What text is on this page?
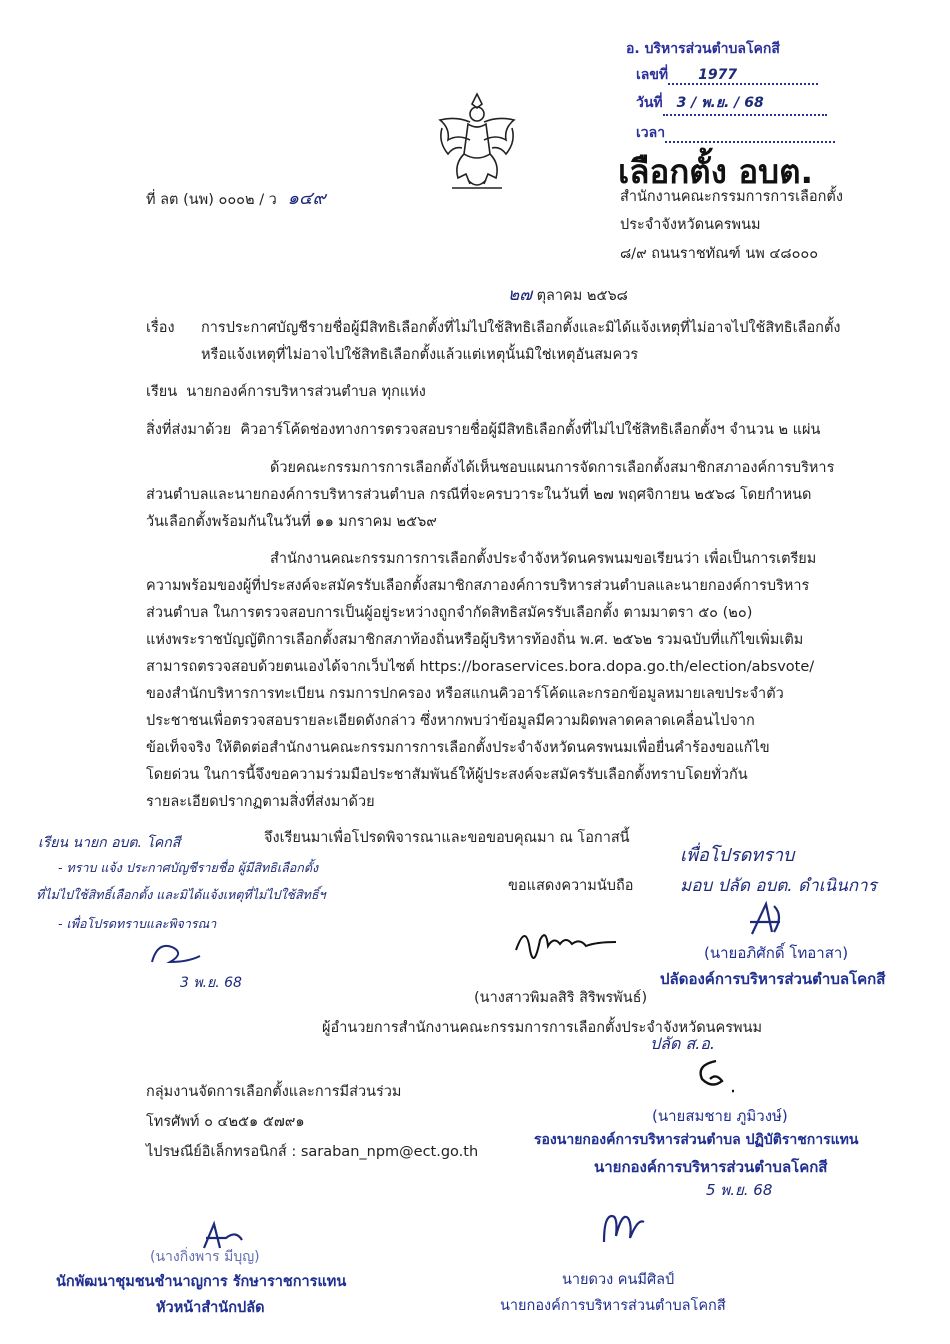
อ. บริหารส่วนตำบลโคกสี
เลขที่ 1977
วันที่ 3 / พ.ย. / 68
เวลา
เลือกตั้ง อบต.
ที่ ลต (นพ) ๐๐๐๒ / ว ๑๔๙	สำนักงานคณะกรรมการการเลือกตั้ง
ประจำจังหวัดนครพนม
๘/๙ ถนนราชทัณฑ์ นพ ๔๘๐๐๐
๒๗ ตุลาคม ๒๕๖๘
เรื่อง การประกาศบัญชีรายชื่อผู้มีสิทธิเลือกตั้งที่ไม่ไปใช้สิทธิเลือกตั้งและมิได้แจ้งเหตุที่ไม่อาจไปใช้สิทธิเลือกตั้ง
หรือแจ้งเหตุที่ไม่อาจไปใช้สิทธิเลือกตั้งแล้วแต่เหตุนั้นมิใช่เหตุอันสมควร
เรียน นายกองค์การบริหารส่วนตำบล ทุกแห่ง
สิ่งที่ส่งมาด้วย คิวอาร์โค้ดช่องทางการตรวจสอบรายชื่อผู้มีสิทธิเลือกตั้งที่ไม่ไปใช้สิทธิเลือกตั้งฯ จำนวน ๒ แผ่น
ด้วยคณะกรรมการการเลือกตั้งได้เห็นชอบแผนการจัดการเลือกตั้งสมาชิกสภาองค์การบริหาร
ส่วนตำบลและนายกองค์การบริหารส่วนตำบล กรณีที่จะครบวาระในวันที่ ๒๗ พฤศจิกายน ๒๕๖๘ โดยกำหนด
วันเลือกตั้งพร้อมกันในวันที่ ๑๑ มกราคม ๒๕๖๙
สำนักงานคณะกรรมการการเลือกตั้งประจำจังหวัดนครพนมขอเรียนว่า เพื่อเป็นการเตรียม
ความพร้อมของผู้ที่ประสงค์จะสมัครรับเลือกตั้งสมาชิกสภาองค์การบริหารส่วนตำบลและนายกองค์การบริหาร
ส่วนตำบล ในการตรวจสอบการเป็นผู้อยู่ระหว่างถูกจำกัดสิทธิสมัครรับเลือกตั้ง ตามมาตรา ๕๐ (๒๐)
แห่งพระราชบัญญัติการเลือกตั้งสมาชิกสภาท้องถิ่นหรือผู้บริหารท้องถิ่น พ.ศ. ๒๕๖๒ รวมฉบับที่แก้ไขเพิ่มเติม
สามารถตรวจสอบด้วยตนเองได้จากเว็บไซต์ https://boraservices.bora.dopa.go.th/election/absvote/
ของสำนักบริหารการทะเบียน กรมการปกครอง หรือสแกนคิวอาร์โค้ดและกรอกข้อมูลหมายเลขประจำตัว
ประชาชนเพื่อตรวจสอบรายละเอียดดังกล่าว ซึ่งหากพบว่าข้อมูลมีความผิดพลาดคลาดเคลื่อนไปจาก
ข้อเท็จจริง ให้ติดต่อสำนักงานคณะกรรมการการเลือกตั้งประจำจังหวัดนครพนมเพื่อยื่นคำร้องขอแก้ไข
โดยด่วน ในการนี้จึงขอความร่วมมือประชาสัมพันธ์ให้ผู้ประสงค์จะสมัครรับเลือกตั้งทราบโดยทั่วกัน
รายละเอียดปรากฏตามสิ่งที่ส่งมาด้วย
จึงเรียนมาเพื่อโปรดพิจารณาและขอขอบคุณมา ณ โอกาสนี้
ขอแสดงความนับถือ
(นางสาวพิมลสิริ สิริพรพันธ์)
ผู้อำนวยการสำนักงานคณะกรรมการการเลือกตั้งประจำจังหวัดนครพนม
กลุ่มงานจัดการเลือกตั้งและการมีส่วนร่วม
โทรศัพท์ ๐ ๔๒๕๑ ๕๗๙๑
ไปรษณีย์อิเล็กทรอนิกส์ : saraban_npm@ect.go.th
เรียน นายก อบต. โคกสี
- ทราบ แจ้ง ประกาศบัญชีรายชื่อ ผู้มีสิทธิเลือกตั้ง
ที่ไม่ไปใช้สิทธิ์เลือกตั้ง และมิได้แจ้งเหตุที่ไม่ไปใช้สิทธิ์ฯ
- เพื่อโปรดทราบและพิจารณา
3 พ.ย. 68
เพื่อโปรดทราบ
มอบ ปลัด อบต. ดำเนินการ
(นายอภิศักดิ์ โทอาสา)
ปลัดองค์การบริหารส่วนตำบลโคกสี
ปลัด ส.อ.
(นายสมชาย ภูมิวงษ์)
รองนายกองค์การบริหารส่วนตำบล ปฏิบัติราชการแทน
นายกองค์การบริหารส่วนตำบลโคกสี
5 พ.ย. 68
(นางกิ่งพาร มีบุญ)
นักพัฒนาชุมชนชำนาญการ รักษาราชการแทน
หัวหน้าสำนักปลัด
นายดวง คนมีศิลป์
นายกองค์การบริหารส่วนตำบลโคกสี
